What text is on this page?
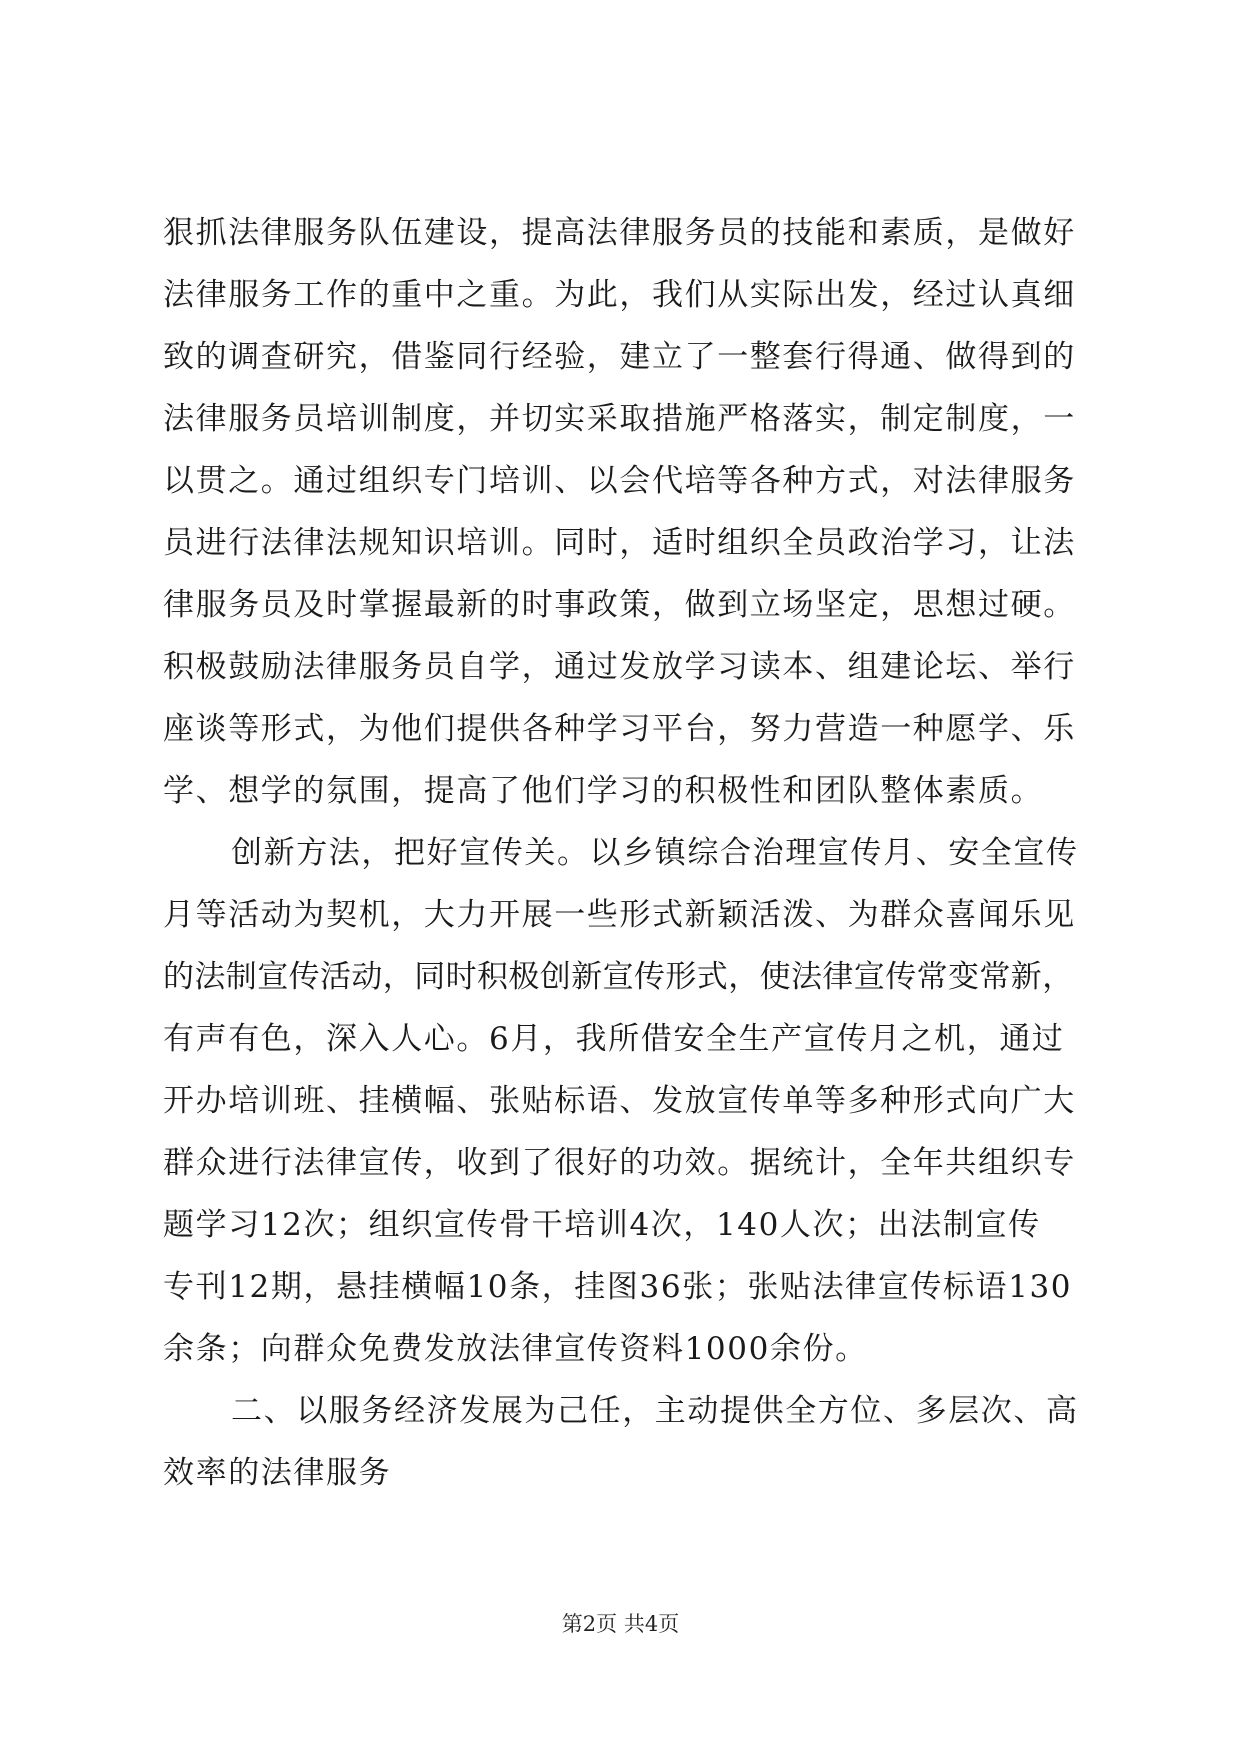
狠抓法律服务队伍建设，提高法律服务员的技能和素质，是做好
法律服务工作的重中之重。为此，我们从实际出发，经过认真细
致的调查研究，借鉴同行经验，建立了一整套行得通、做得到的
法律服务员培训制度，并切实采取措施严格落实，制定制度，一
以贯之。通过组织专门培训、以会代培等各种方式，对法律服务
员进行法律法规知识培训。同时，适时组织全员政治学习，让法
律服务员及时掌握最新的时事政策，做到立场坚定，思想过硬。
积极鼓励法律服务员自学，通过发放学习读本、组建论坛、举行
座谈等形式，为他们提供各种学习平台，努力营造一种愿学、乐
学、想学的氛围，提高了他们学习的积极性和团队整体素质。
创新方法，把好宣传关。以乡镇综合治理宣传月、安全宣传
月等活动为契机，大力开展一些形式新颖活泼、为群众喜闻乐见
的法制宣传活动，同时积极创新宣传形式，使法律宣传常变常新，
有声有色，深入人心。6月，我所借安全生产宣传月之机，通过
开办培训班、挂横幅、张贴标语、发放宣传单等多种形式向广大
群众进行法律宣传，收到了很好的功效。据统计，全年共组织专
题学习12次；组织宣传骨干培训4次，140人次；出法制宣传
专刊12期，悬挂横幅10条，挂图36张；张贴法律宣传标语130
余条；向群众免费发放法律宣传资料1000余份。
二、以服务经济发展为己任，主动提供全方位、多层次、高
效率的法律服务
第2页 共4页
